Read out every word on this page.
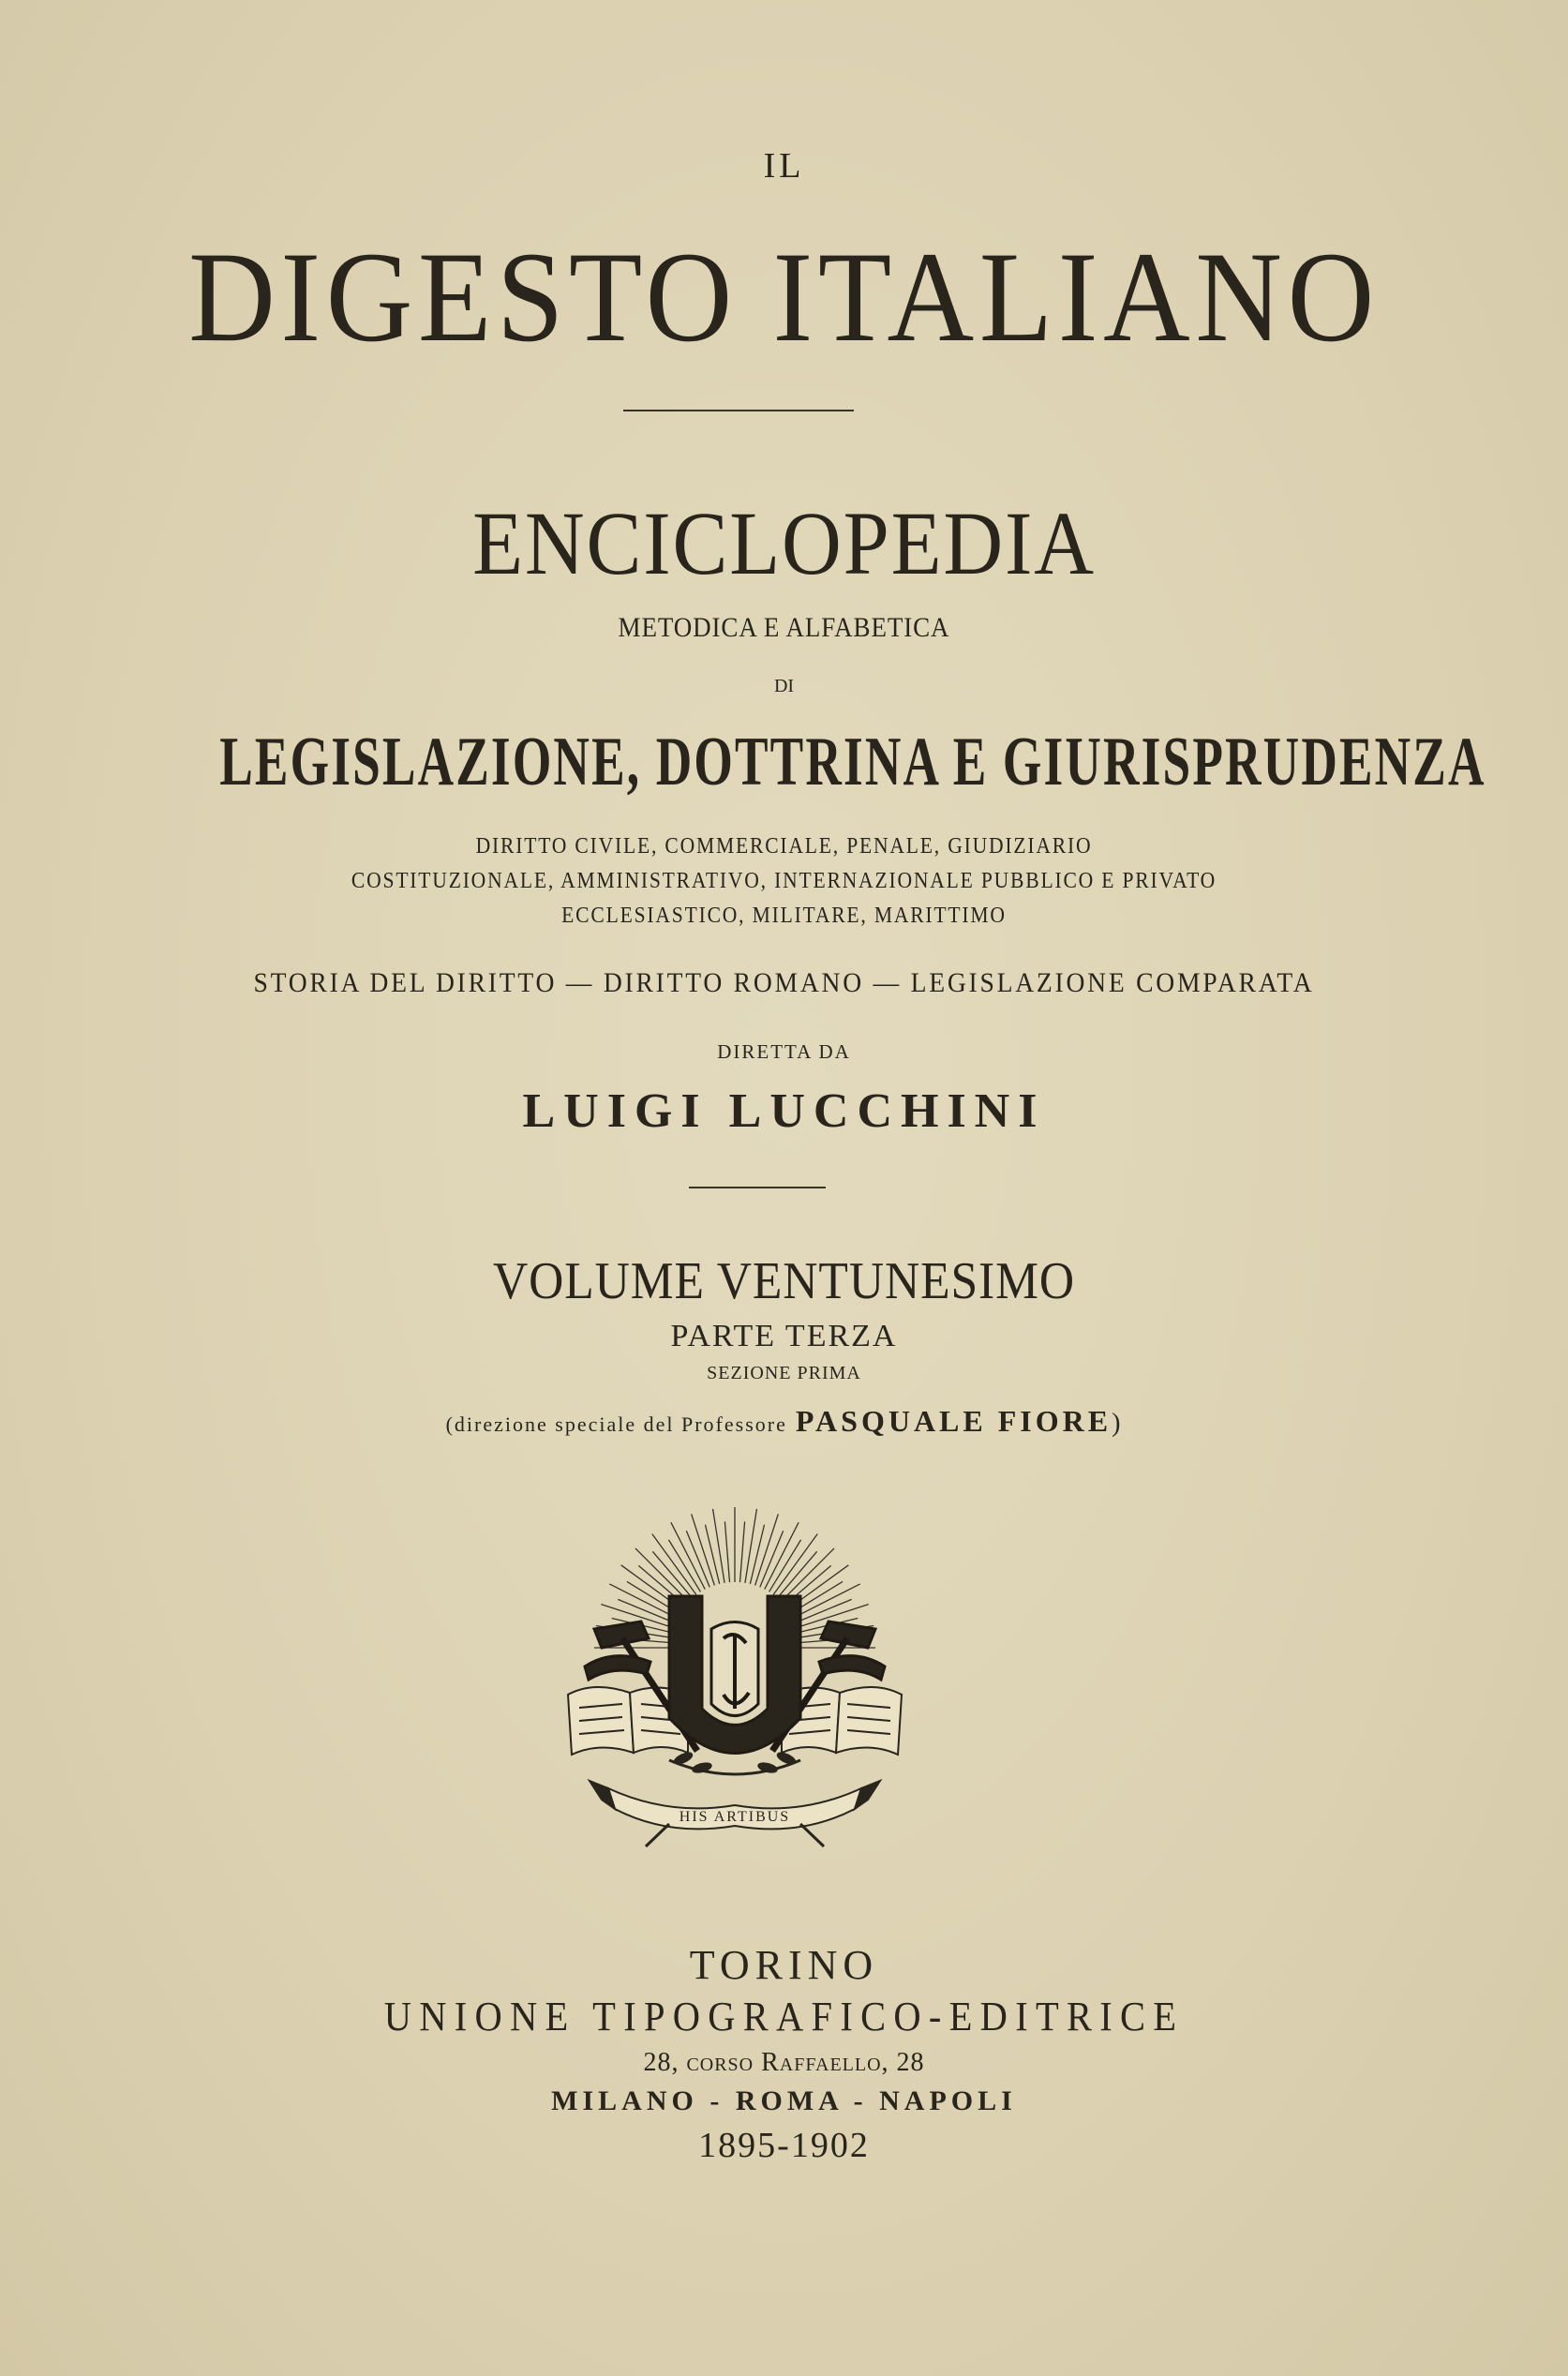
IL
DIGESTO ITALIANO
ENCICLOPEDIA
METODICA E ALFABETICA
DI
LEGISLAZIONE, DOTTRINA E GIURISPRUDENZA
DIRITTO CIVILE, COMMERCIALE, PENALE, GIUDIZIARIO
COSTITUZIONALE, AMMINISTRATIVO, INTERNAZIONALE PUBBLICO E PRIVATO
ECCLESIASTICO, MILITARE, MARITTIMO
STORIA DEL DIRITTO — DIRITTO ROMANO — LEGISLAZIONE COMPARATA
DIRETTA DA
LUIGI LUCCHINI
VOLUME VENTUNESIMO
PARTE TERZA
SEZIONE PRIMA
(direzione speciale del Professore PASQUALE FIORE)
HIS ARTIBUS
TORINO
UNIONE TIPOGRAFICO-EDITRICE
28, corso Raffaello, 28
MILANO - ROMA - NAPOLI
1895-1902
